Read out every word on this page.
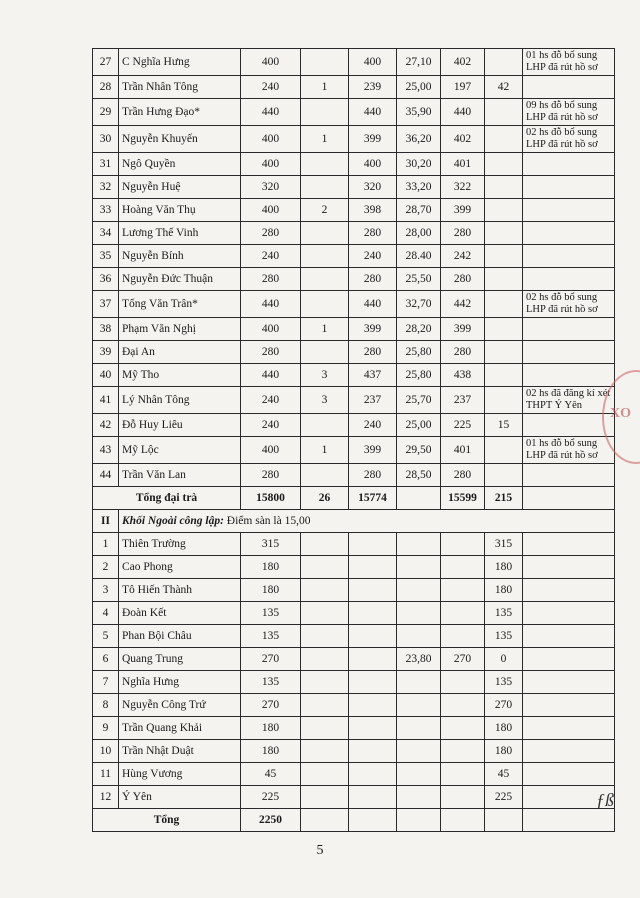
27	C Nghĩa Hưng	400		400	27,10	402		01 hs đỗ bổ sung LHP đã rút hồ sơ
28	Trần Nhân Tông	240	1	239	25,00	197	42	
29	Trần Hưng Đạo*	440		440	35,90	440		09 hs đỗ bổ sung LHP đã rút hồ sơ
30	Nguyễn Khuyến	400	1	399	36,20	402		02 hs đỗ bổ sung LHP đã rút hồ sơ
31	Ngô Quyền	400		400	30,20	401		
32	Nguyễn Huệ	320		320	33,20	322		
33	Hoàng Văn Thụ	400	2	398	28,70	399		
34	Lương Thế Vinh	280		280	28,00	280		
35	Nguyễn Bính	240		240	28.40	242		
36	Nguyễn Đức Thuận	280		280	25,50	280		
37	Tống Văn Trân*	440		440	32,70	442		02 hs đỗ bổ sung LHP đã rút hồ sơ
38	Phạm Văn Nghị	400	1	399	28,20	399		
39	Đại An	280		280	25,80	280		
40	Mỹ Tho	440	3	437	25,80	438		
41	Lý Nhân Tông	240	3	237	25,70	237		02 hs đã đăng kí xét THPT Ý Yên
42	Đỗ Huy Liêu	240		240	25,00	225	15	
43	Mỹ Lộc	400	1	399	29,50	401		01 hs đỗ bổ sung LHP đã rút hồ sơ
44	Trần Văn Lan	280		280	28,50	280		
Tổng đại trà		15800	26	15774		15599	215	
II	Khối Ngoài công lập: Điểm sàn là 15,00							
1	Thiên Trường	315					315	
2	Cao Phong	180					180	
3	Tô Hiến Thành	180					180	
4	Đoàn Kết	135					135	
5	Phan Bội Châu	135					135	
6	Quang Trung	270			23,80	270	0	
7	Nghĩa Hưng	135					135	
8	Nguyễn Công Trứ	270					270	
9	Trần Quang Khải	180					180	
10	Trần Nhật Duật	180					180	
11	Hùng Vương	45					45	
12	Ý Yên	225					225	
Tổng		2250						
XO
ƒß
5
